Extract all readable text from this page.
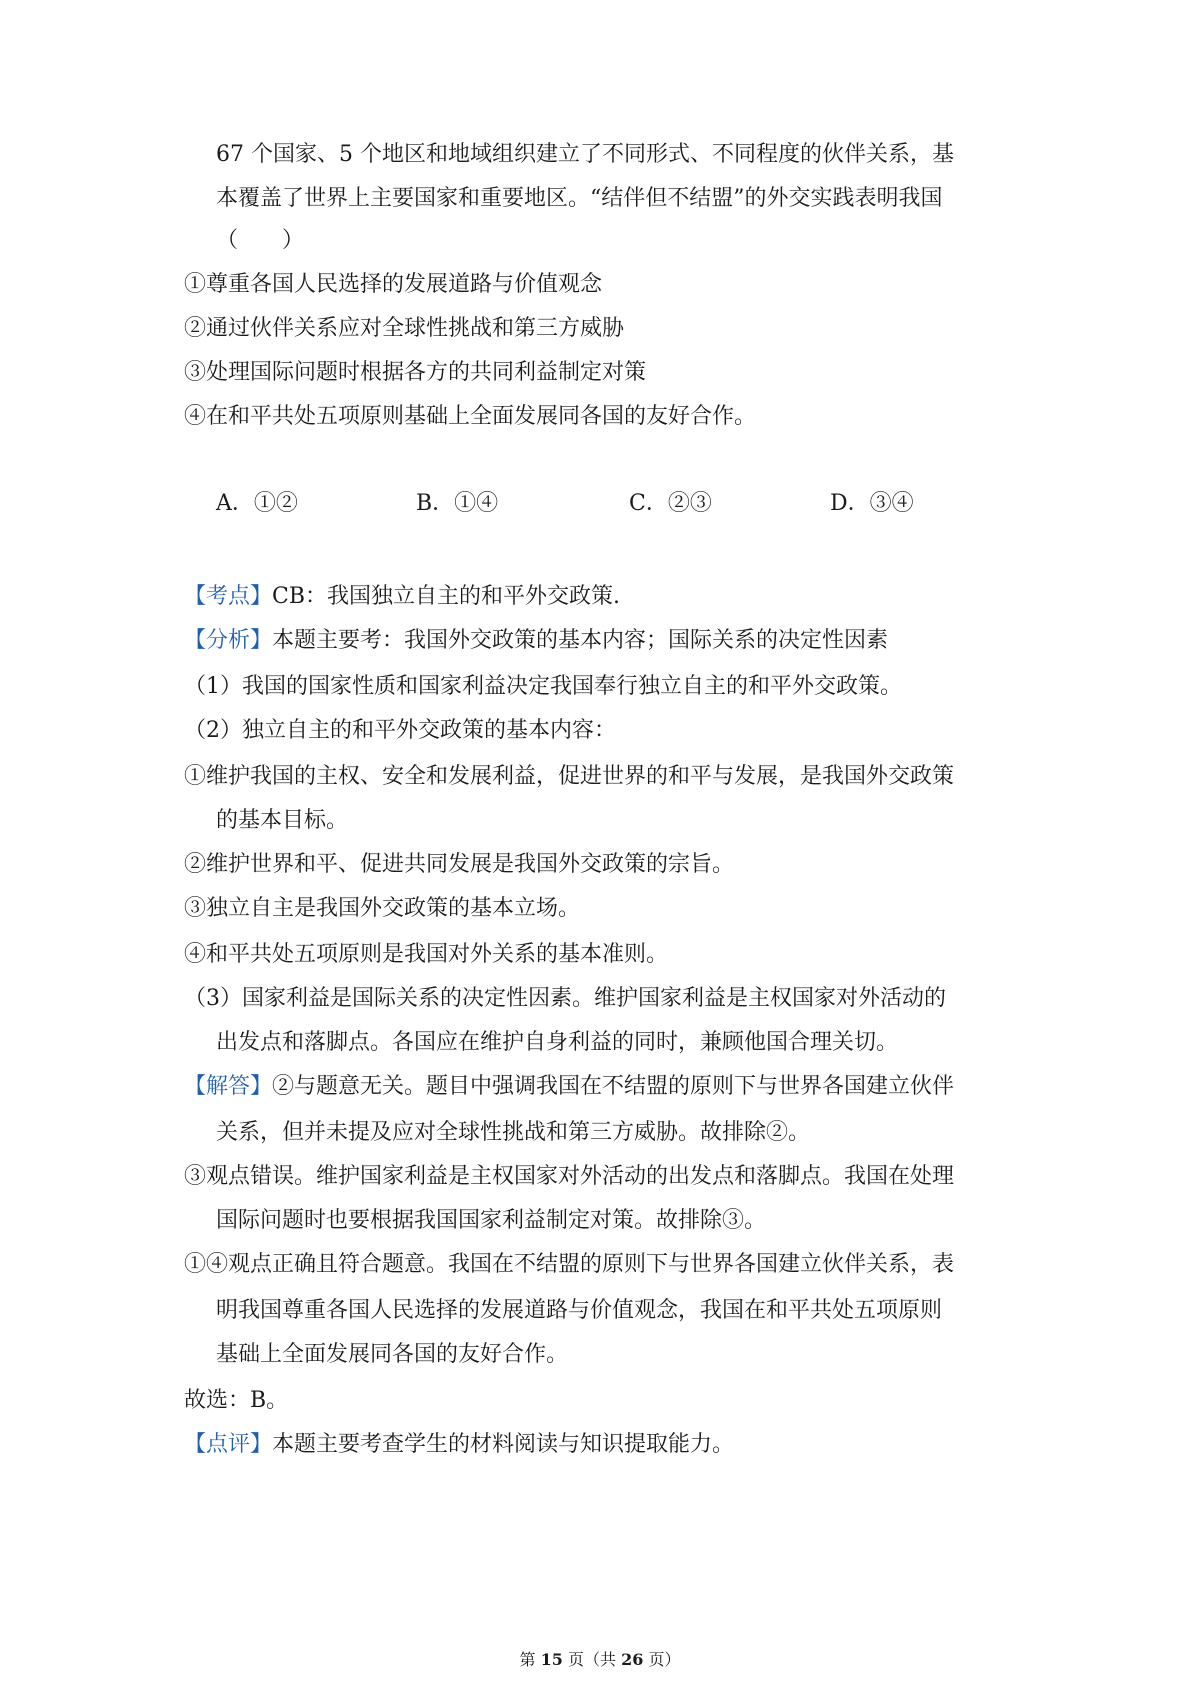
67 个国家、5 个地区和地域组织建立了不同形式、不同程度的伙伴关系，基
本覆盖了世界上主要国家和重要地区。“结伴但不结盟”的外交实践表明我国
（　　）
①尊重各国人民选择的发展道路与价值观念
②通过伙伴关系应对全球性挑战和第三方威胁
③处理国际问题时根据各方的共同利益制定对策
④在和平共处五项原则基础上全面发展同各国的友好合作。
A．①②	B．①④	C．②③	D．③④
【考点】CB：我国独立自主的和平外交政策.
【分析】本题主要考：我国外交政策的基本内容；国际关系的决定性因素
（1）我国的国家性质和国家利益决定我国奉行独立自主的和平外交政策。
（2）独立自主的和平外交政策的基本内容：
①维护我国的主权、安全和发展利益，促进世界的和平与发展，是我国外交政策
的基本目标。
②维护世界和平、促进共同发展是我国外交政策的宗旨。
③独立自主是我国外交政策的基本立场。
④和平共处五项原则是我国对外关系的基本准则。
（3）国家利益是国际关系的决定性因素。维护国家利益是主权国家对外活动的
出发点和落脚点。各国应在维护自身利益的同时，兼顾他国合理关切。
【解答】②与题意无关。题目中强调我国在不结盟的原则下与世界各国建立伙伴
关系，但并未提及应对全球性挑战和第三方威胁。故排除②。
③观点错误。维护国家利益是主权国家对外活动的出发点和落脚点。我国在处理
国际问题时也要根据我国国家利益制定对策。故排除③。
①④观点正确且符合题意。我国在不结盟的原则下与世界各国建立伙伴关系，表
明我国尊重各国人民选择的发展道路与价值观念，我国在和平共处五项原则
基础上全面发展同各国的友好合作。
故选：B。
【点评】本题主要考查学生的材料阅读与知识提取能力。
第 15 页（共 26 页）
